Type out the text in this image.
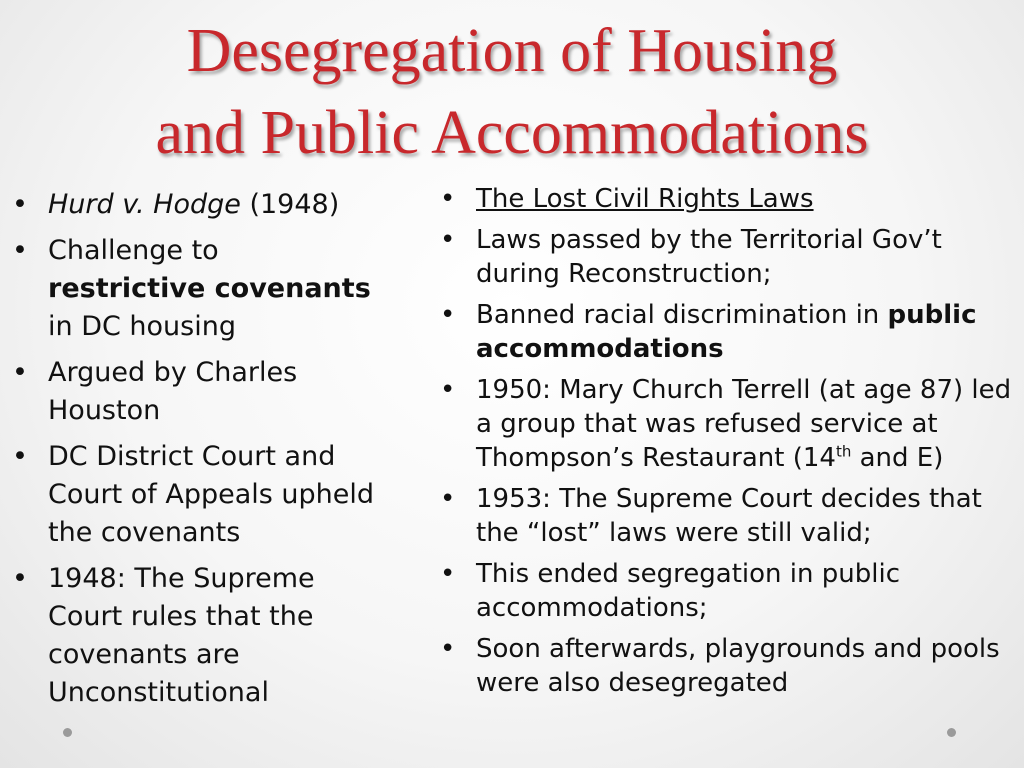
Desegregation of Housing
and Public Accommodations
• Hurd v. Hodge (1948)
• Challenge to restrictive covenants in DC housing
• Argued by Charles Houston
• DC District Court and Court of Appeals upheld the covenants
• 1948: The Supreme Court rules that the covenants are Unconstitutional
• The Lost Civil Rights Laws
• Laws passed by the Territorial Gov’t during Reconstruction;
• Banned racial discrimination in public accommodations
• 1950: Mary Church Terrell (at age 87) led a group that was refused service at Thompson’s Restaurant (14th and E)
• 1953: The Supreme Court decides that the “lost” laws were still valid;
• This ended segregation in public accommodations;
• Soon afterwards, playgrounds and pools were also desegregated
